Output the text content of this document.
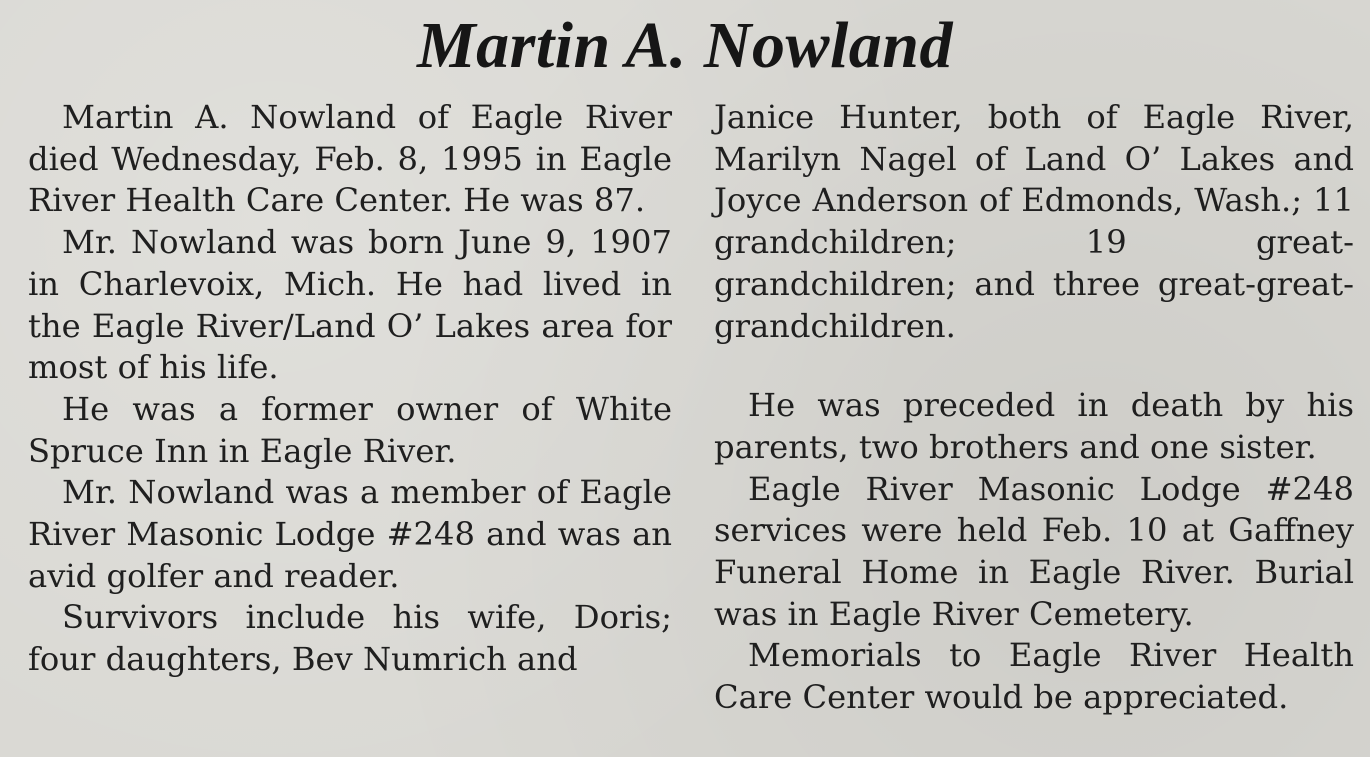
Martin A. Nowland

Martin A. Nowland of Eagle River died Wednesday, Feb. 8, 1995 in Eagle River Health Care Center. He was 87.

Mr. Nowland was born June 9, 1907 in Charlevoix, Mich. He had lived in the Eagle River/Land O’ Lakes area for most of his life.

He was a former owner of White Spruce Inn in Eagle River.

Mr. Nowland was a member of Eagle River Masonic Lodge #248 and was an avid golfer and reader.

Survivors include his wife, Doris; four daughters, Bev Numrich and

Janice Hunter, both of Eagle River, Marilyn Nagel of Land O’ Lakes and Joyce Anderson of Edmonds, Wash.; 11 grandchildren; 19 great-grandchildren; and three great-great-grandchildren.

He was preceded in death by his parents, two brothers and one sister.

Eagle River Masonic Lodge #248 services were held Feb. 10 at Gaffney Funeral Home in Eagle River. Burial was in Eagle River Cemetery.

Memorials to Eagle River Health Care Center would be appreciated.
